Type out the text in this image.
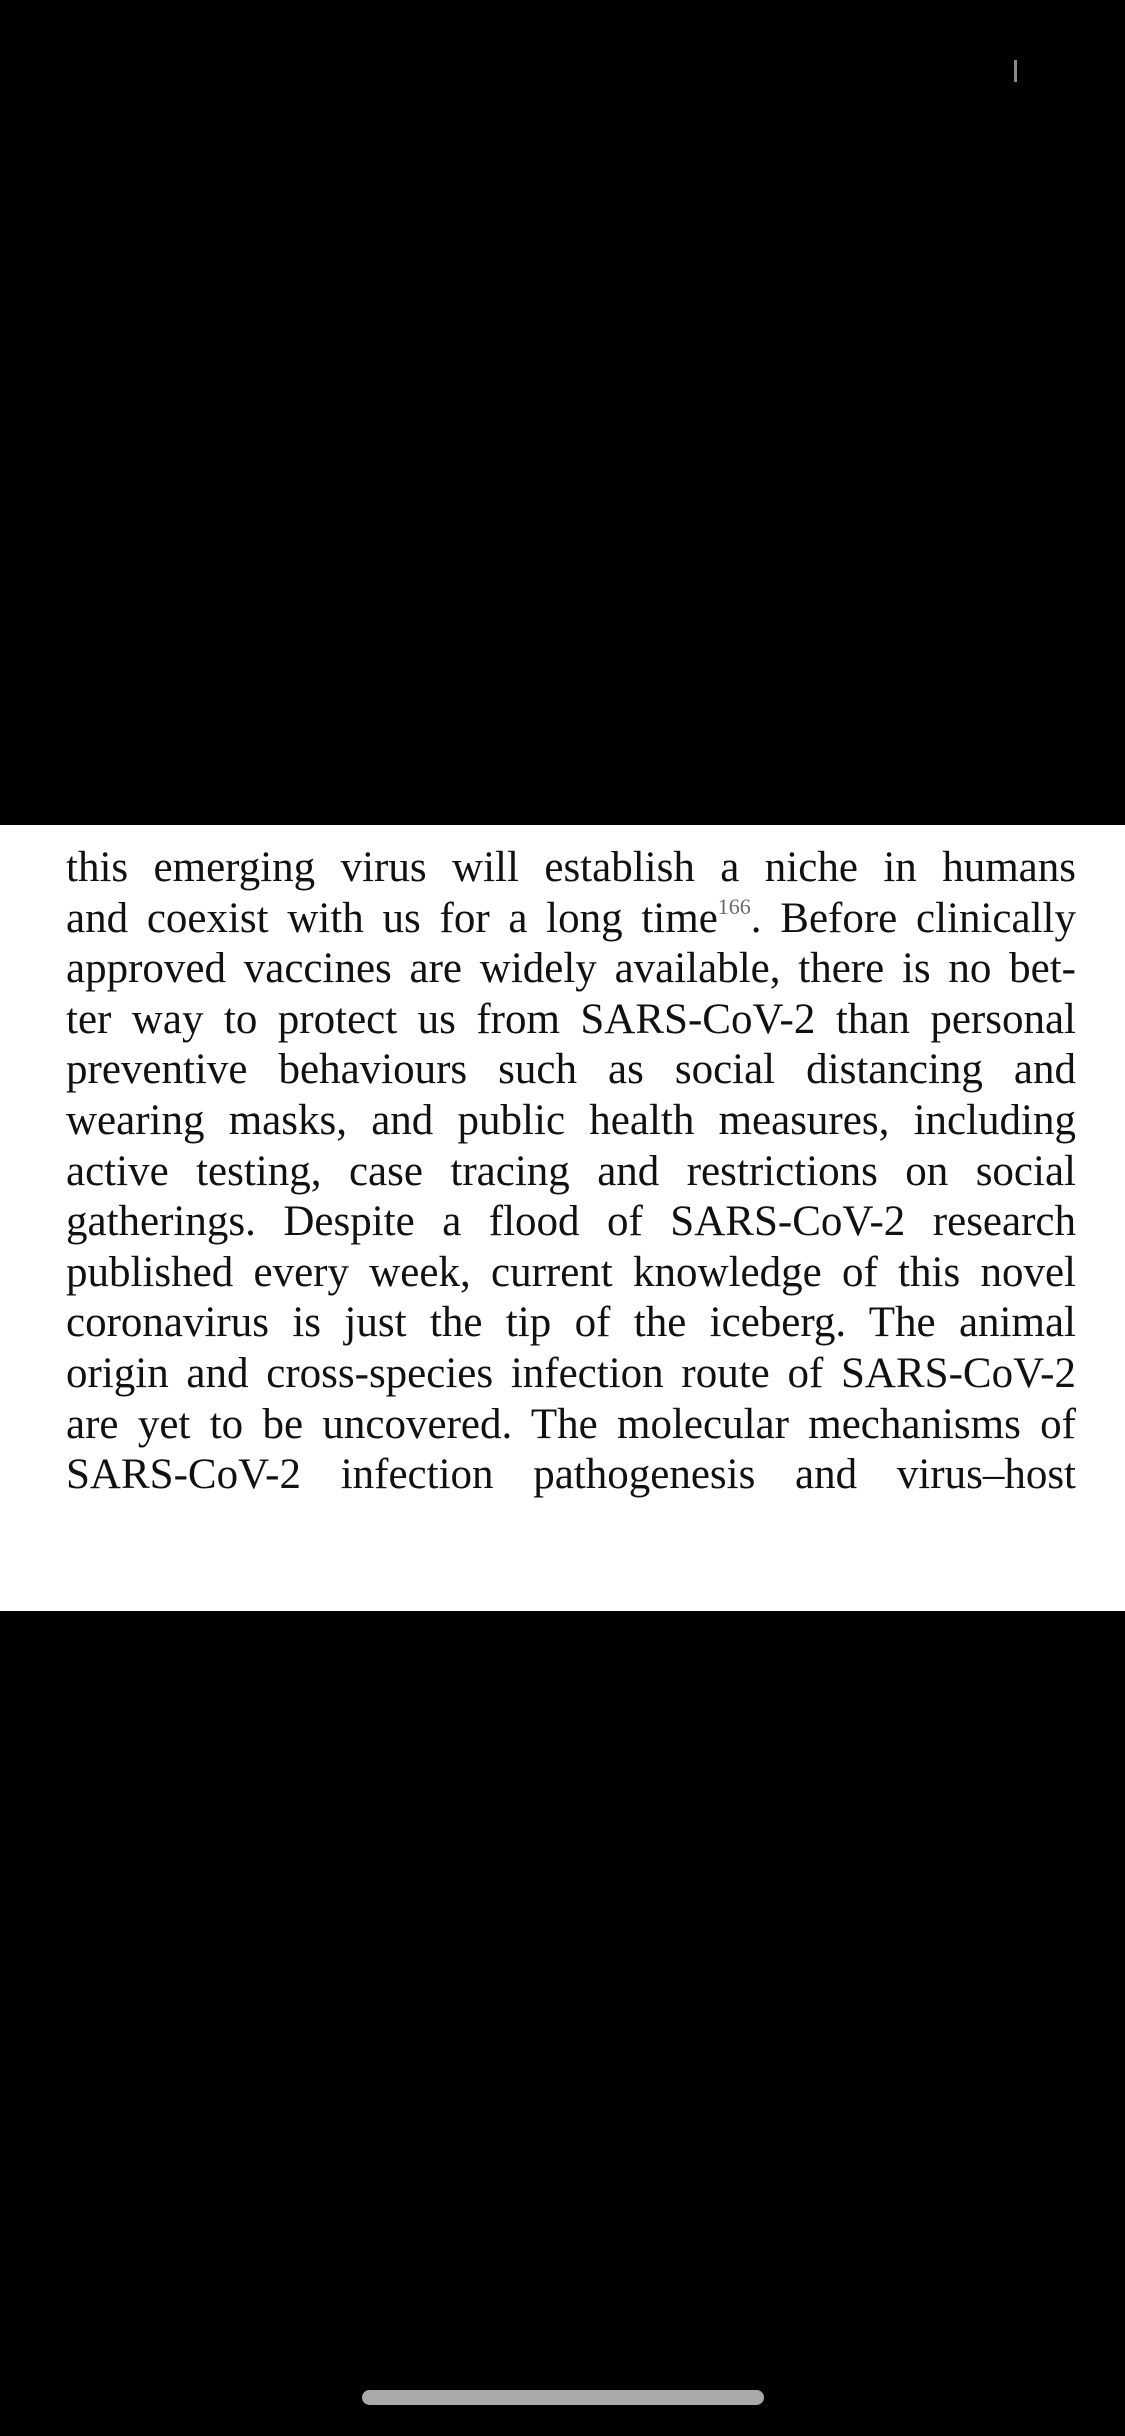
this emerging virus will establish a niche in humans
and coexist with us for a long time$^{166}$. Before clinically
approved vaccines are widely available, there is no bet-
ter way to protect us from SARS-CoV-2 than personal
preventive behaviours such as social distancing and
wearing masks, and public health measures, including
active testing, case tracing and restrictions on social
gatherings. Despite a flood of SARS-CoV-2 research
published every week, current knowledge of this novel
coronavirus is just the tip of the iceberg. The animal
origin and cross-species infection route of SARS-CoV-2
are yet to be uncovered. The molecular mechanisms of
SARS-CoV-2 infection pathogenesis and virus–host
